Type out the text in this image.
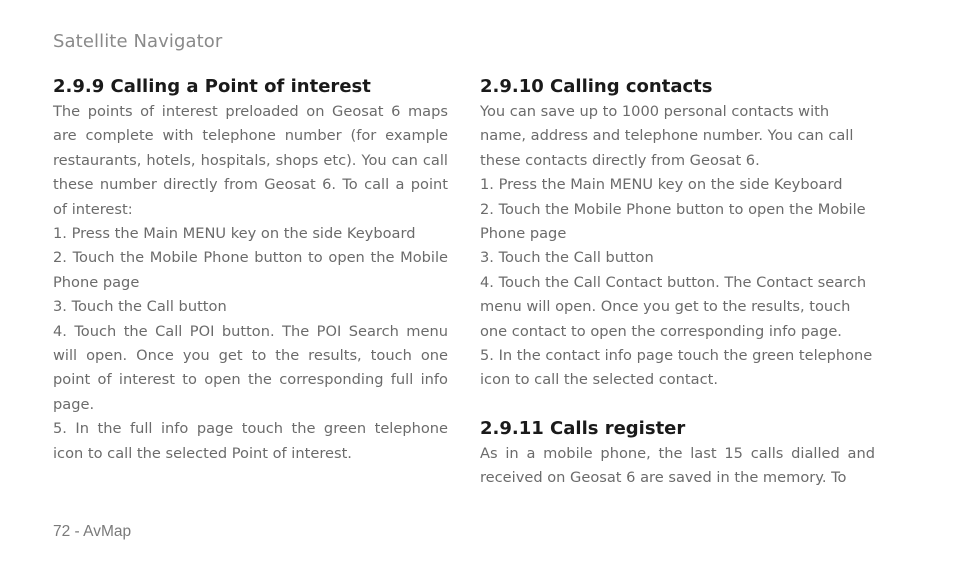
Satellite Navigator
2.9.9 Calling a Point of interest

The points of interest preloaded on Geosat 6 maps are complete with telephone number (for example restaurants, hotels, hospitals, shops etc). You can call these number directly from Geosat 6. To call a point of interest:

1. Press the Main MENU key on the side Keyboard

2. Touch the Mobile Phone button to open the Mobile Phone page

3. Touch the Call button

4. Touch the Call POI button. The POI Search menu will open. Once you get to the results, touch one point of interest to open the corresponding full info page.

5. In the full info page touch the green telephone icon to call the selected Point of interest.

2.9.10 Calling contacts

You can save up to 1000 personal contacts with name, address and telephone number. You can call these contacts directly from Geosat 6.

1. Press the Main MENU key on the side Keyboard

2. Touch the Mobile Phone button to open the Mobile Phone page

3. Touch the Call button

4. Touch the Call Contact button. The Contact search menu will open. Once you get to the results, touch one contact to open the corresponding info page.

5. In the contact info page touch the green telephone icon to call the selected contact.

2.9.11 Calls register

As in a mobile phone, the last 15 calls dialled and received on Geosat 6 are saved in the memory. To

72 - AvMap
